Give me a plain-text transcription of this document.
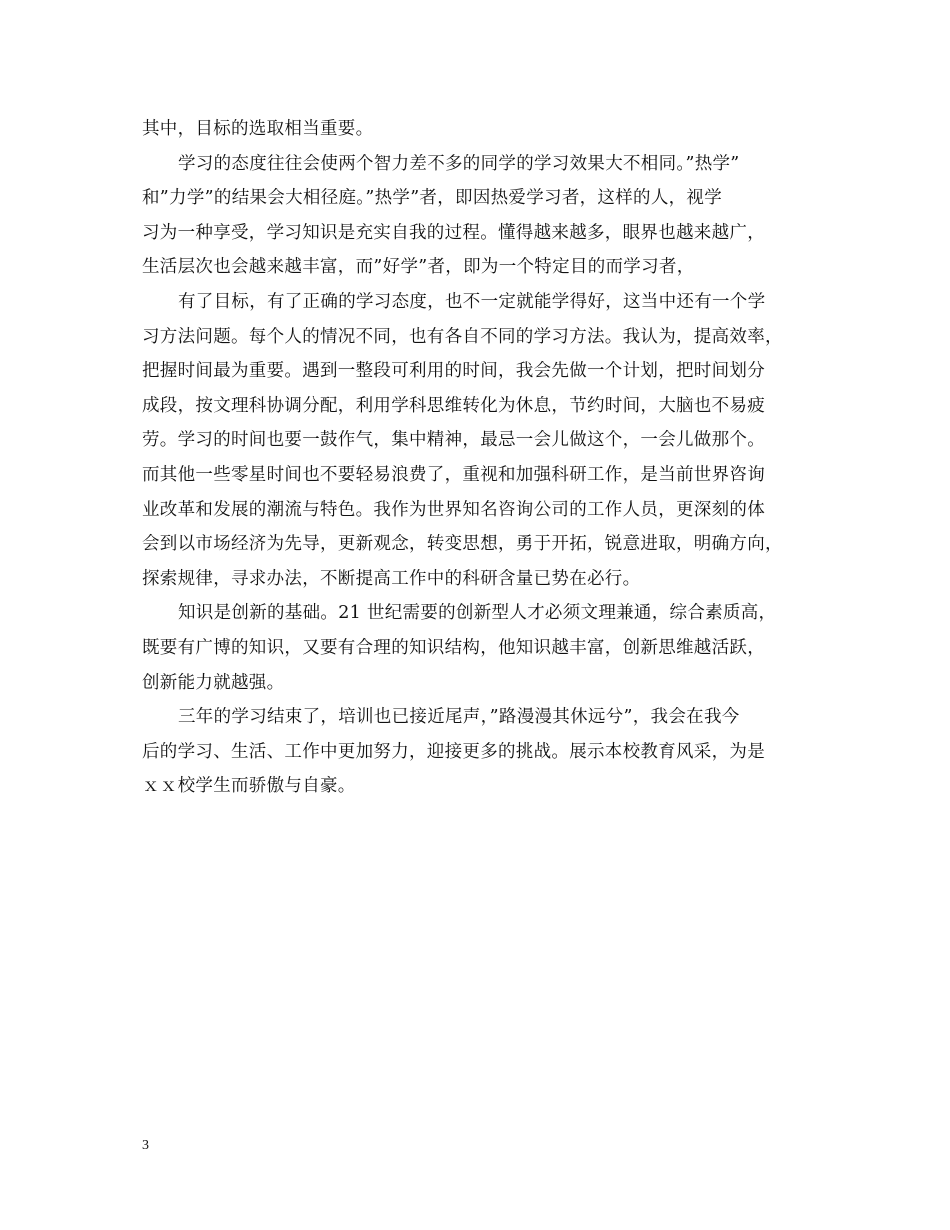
其中，目标的选取相当重要。
学习的态度往往会使两个智力差不多的同学的学习效果大不相同。”热学”
和”力学”的结果会大相径庭。”热学”者，即因热爱学习者，这样的人，视学
习为一种享受，学习知识是充实自我的过程。懂得越来越多，眼界也越来越广，
生活层次也会越来越丰富，而”好学”者，即为一个特定目的而学习者，
有了目标，有了正确的学习态度，也不一定就能学得好，这当中还有一个学
习方法问题。每个人的情况不同，也有各自不同的学习方法。我认为，提高效率，
把握时间最为重要。遇到一整段可利用的时间，我会先做一个计划，把时间划分
成段，按文理科协调分配，利用学科思维转化为休息，节约时间，大脑也不易疲
劳。学习的时间也要一鼓作气，集中精神，最忌一会儿做这个，一会儿做那个。
而其他一些零星时间也不要轻易浪费了，重视和加强科研工作，是当前世界咨询
业改革和发展的潮流与特色。我作为世界知名咨询公司的工作人员，更深刻的体
会到以市场经济为先导，更新观念，转变思想，勇于开拓，锐意进取，明确方向，
探索规律，寻求办法，不断提高工作中的科研含量已势在必行。
知识是创新的基础。21 世纪需要的创新型人才必须文理兼通，综合素质高，
既要有广博的知识，又要有合理的知识结构，他知识越丰富，创新思维越活跃，
创新能力就越强。
三年的学习结束了，培训也已接近尾声，”路漫漫其休远兮”，我会在我今
后的学习、生活、工作中更加努力，迎接更多的挑战。展示本校教育风采，为是
ｘｘ校学生而骄傲与自豪。
3
